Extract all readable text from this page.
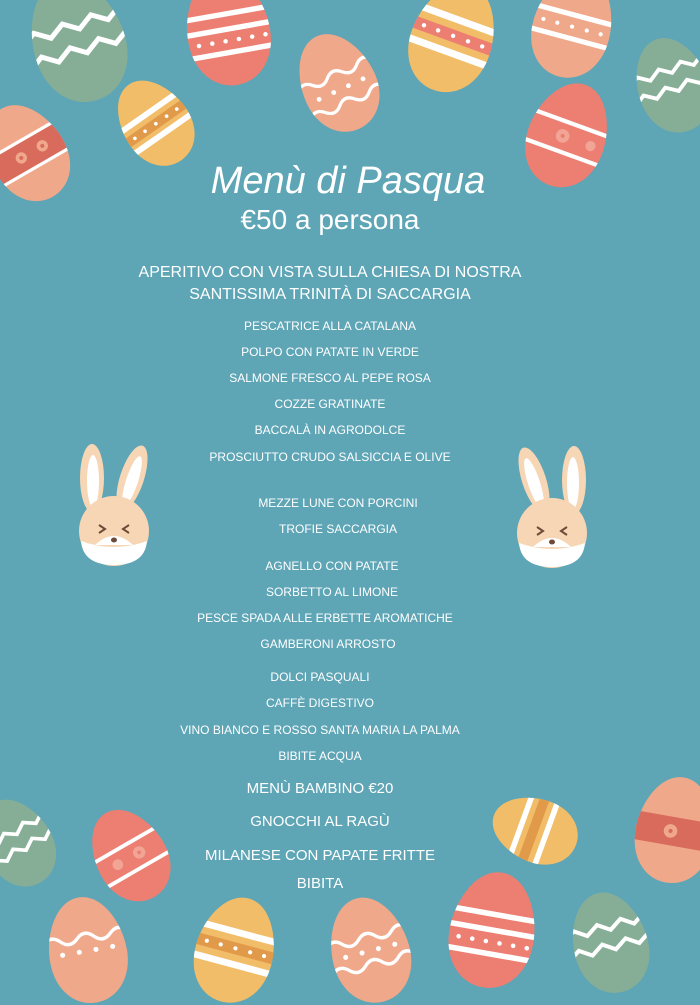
Menù di Pasqua
€50 a persona
APERITIVO CON VISTA SULLA CHIESA DI NOSTRA
SANTISSIMA TRINITÀ DI SACCARGIA
PESCATRICE ALLA CATALANA
POLPO CON PATATE IN VERDE
SALMONE FRESCO AL PEPE ROSA
COZZE GRATINATE
BACCALÀ IN AGRODOLCE
PROSCIUTTO CRUDO SALSICCIA E OLIVE
MEZZE LUNE CON PORCINI
TROFIE SACCARGIA
AGNELLO CON PATATE
SORBETTO AL LIMONE
PESCE SPADA ALLE ERBETTE AROMATICHE
GAMBERONI ARROSTO
DOLCI PASQUALI
CAFFÈ DIGESTIVO
VINO BIANCO E ROSSO SANTA MARIA LA PALMA
BIBITE ACQUA
MENÙ BAMBINO €20
GNOCCHI AL RAGÙ
MILANESE CON PAPATE FRITTE
BIBITA
